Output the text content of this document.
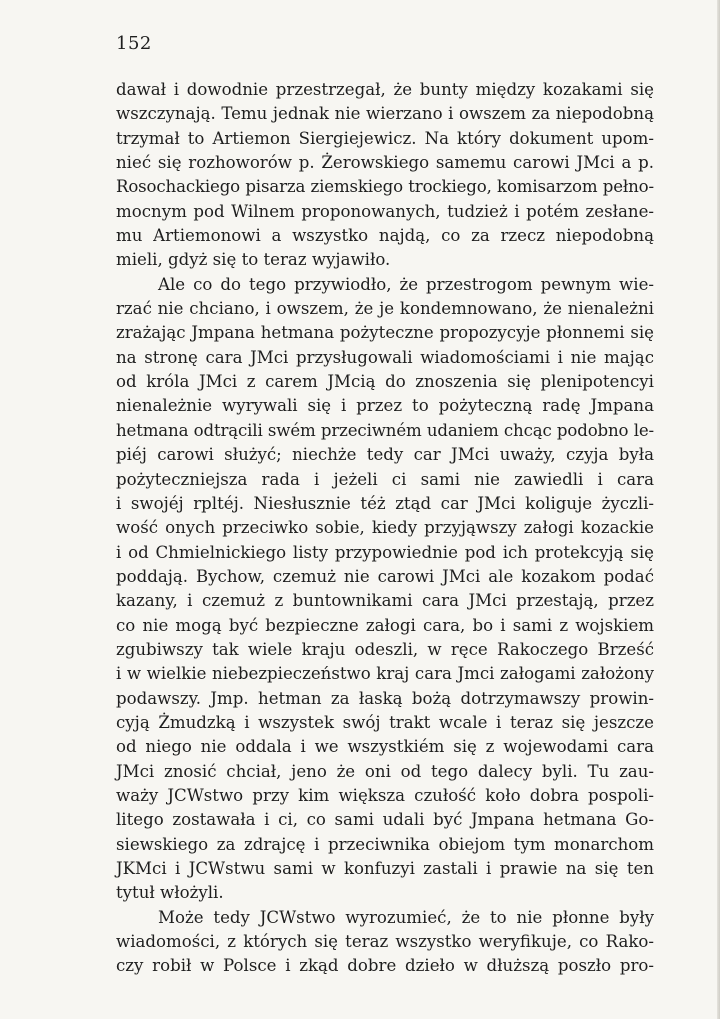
152
dawał i dowodnie przestrzegał, że bunty między kozakami się
wszczynają. Temu jednak nie wierzano i owszem za niepodobną
trzymał to Artiemon Siergiejewicz. Na który dokument upom-
nieć się rozhoworów p. Żerowskiego samemu carowi JMci a p.
Rosochackiego pisarza ziemskiego trockiego, komisarzom pełno-
mocnym pod Wilnem proponowanych, tudzież i potém zesłane-
mu Artiemonowi a wszystko najdą, co za rzecz niepodobną
mieli, gdyż się to teraz wyjawiło.
Ale co do tego przywiodło, że przestrogom pewnym wie-
rzać nie chciano, i owszem, że je kondemnowano, że nienależni
zrażając Jmpana hetmana pożyteczne propozycyje płonnemi się
na stronę cara JMci przysługowali wiadomościami i nie mając
od króla JMci z carem JMcią do znoszenia się plenipotencyi
nienależnie wyrywali się i przez to pożyteczną radę Jmpana
hetmana odtrącili swém przeciwném udaniem chcąc podobno le-
piéj carowi służyć; niechże tedy car JMci uważy, czyja była
pożyteczniejsza rada i jeżeli ci sami nie zawiedli i cara
i swojéj rpltéj. Niesłusznie téż ztąd car JMci koliguje życzli-
wość onych przeciwko sobie, kiedy przyjąwszy załogi kozackie
i od Chmielnickiego listy przypowiednie pod ich protekcyją się
poddają. Bychow, czemuż nie carowi JMci ale kozakom podać
kazany, i czemuż z buntownikami cara JMci przestają, przez
co nie mogą być bezpieczne załogi cara, bo i sami z wojskiem
zgubiwszy tak wiele kraju odeszli, w ręce Rakoczego Brześć
i w wielkie niebezpieczeństwo kraj cara Jmci załogami założony
podawszy. Jmp. hetman za łaską bożą dotrzymawszy prowin-
cyją Żmudzką i wszystek swój trakt wcale i teraz się jeszcze
od niego nie oddala i we wszystkiém się z wojewodami cara
JMci znosić chciał, jeno że oni od tego dalecy byli. Tu zau-
waży JCWstwo przy kim większa czułość koło dobra pospoli-
litego zostawała i ci, co sami udali być Jmpana hetmana Go-
siewskiego za zdrajcę i przeciwnika obiejom tym monarchom
JKMci i JCWstwu sami w konfuzyi zastali i prawie na się ten
tytuł włożyli.
Może tedy JCWstwo wyrozumieć, że to nie płonne były
wiadomości, z których się teraz wszystko weryfikuje, co Rako-
czy robił w Polsce i zkąd dobre dzieło w dłuższą poszło pro-
